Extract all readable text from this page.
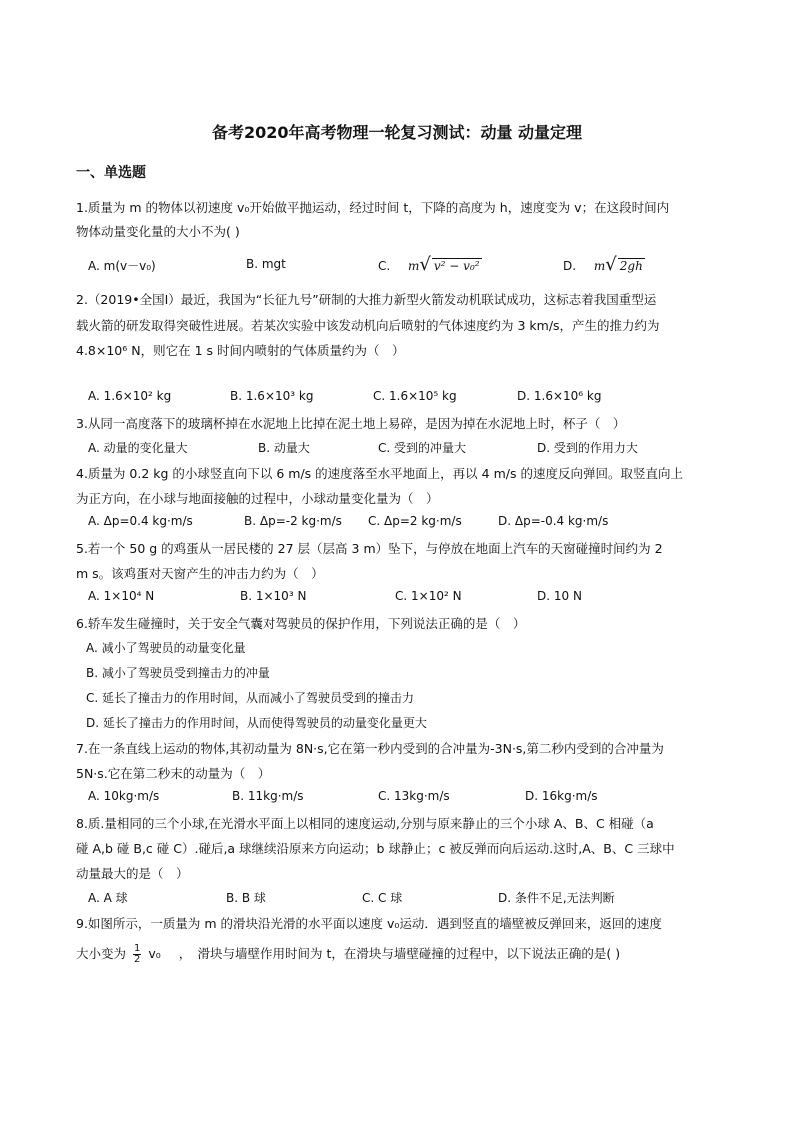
备考2020年高考物理一轮复习测试：动量 动量定理
一、单选题
1.质量为 m 的物体以初速度 v₀开始做平抛运动，经过时间 t，下降的高度为 h，速度变为 v；在这段时间内
物体动量变化量的大小不为( )
A. m(v－v₀)	B. mgt	C. m√ v² − v₀²	D. m√ 2gh
2.（2019•全国Ⅰ）最近，我国为“长征九号”研制的大推力新型火箭发动机联试成功，这标志着我国重型运
载火箭的研发取得突破性进展。若某次实验中该发动机向后喷射的气体速度约为 3 km/s，产生的推力约为
4.8×10⁶ N，则它在 1 s 时间内喷射的气体质量约为（　）
A. 1.6×10² kg	B. 1.6×10³ kg	C. 1.6×10⁵ kg	D. 1.6×10⁶ kg
3.从同一高度落下的玻璃杯掉在水泥地上比掉在泥土地上易碎，是因为掉在水泥地上时，杯子（　）
A. 动量的变化量大	B. 动量大	C. 受到的冲量大	D. 受到的作用力大
4.质量为 0.2 kg 的小球竖直向下以 6 m/s 的速度落至水平地面上，再以 4 m/s 的速度反向弹回。取竖直向上
为正方向，在小球与地面接触的过程中，小球动量变化量为（　）
A. Δp=0.4 kg·m/s	B. Δp=-2 kg·m/s C. Δp=2 kg·m/s	D. Δp=-0.4 kg·m/s
5.若一个 50 g 的鸡蛋从一居民楼的 27 层（层高 3 m）坠下，与停放在地面上汽车的天窗碰撞时间约为 2
m s。该鸡蛋对天窗产生的冲击力约为（　）
A. 1×10⁴ N	B. 1×10³ N	C. 1×10² N	D. 10 N
6.轿车发生碰撞时，关于安全气囊对驾驶员的保护作用，下列说法正确的是（　）
A. 减小了驾驶员的动量变化量
B. 减小了驾驶员受到撞击力的冲量
C. 延长了撞击力的作用时间，从而减小了驾驶员受到的撞击力
D. 延长了撞击力的作用时间，从而使得驾驶员的动量变化量更大
7.在一条直线上运动的物体,其初动量为 8N·s,它在第一秒内受到的合冲量为-3N·s,第二秒内受到的合冲量为
5N·s.它在第二秒末的动量为（　）
A. 10kg·m/s	B. 11kg·m/s	C. 13kg·m/s	D. 16kg·m/s
8.质.量相同的三个小球,在光滑水平面上以相同的速度运动,分别与原来静止的三个小球 A、B、C 相碰（a
碰 A,b 碰 B,c 碰 C）.碰后,a 球继续沿原来方向运动；b 球静止；c 被反弹而向后运动.这时,A、B、C 三球中
动量最大的是（　）
A. A 球	B. B 球	C. C 球	D. 条件不足,无法判断
9.如图所示，一质量为 m 的滑块沿光滑的水平面以速度 v₀运动．遇到竖直的墙壁被反弹回来，返回的速度
大小变为 $\frac{1}{2} v_0$ ，　滑块与墙壁作用时间为 t，在滑块与墙壁碰撞的过程中，以下说法正确的是( )
